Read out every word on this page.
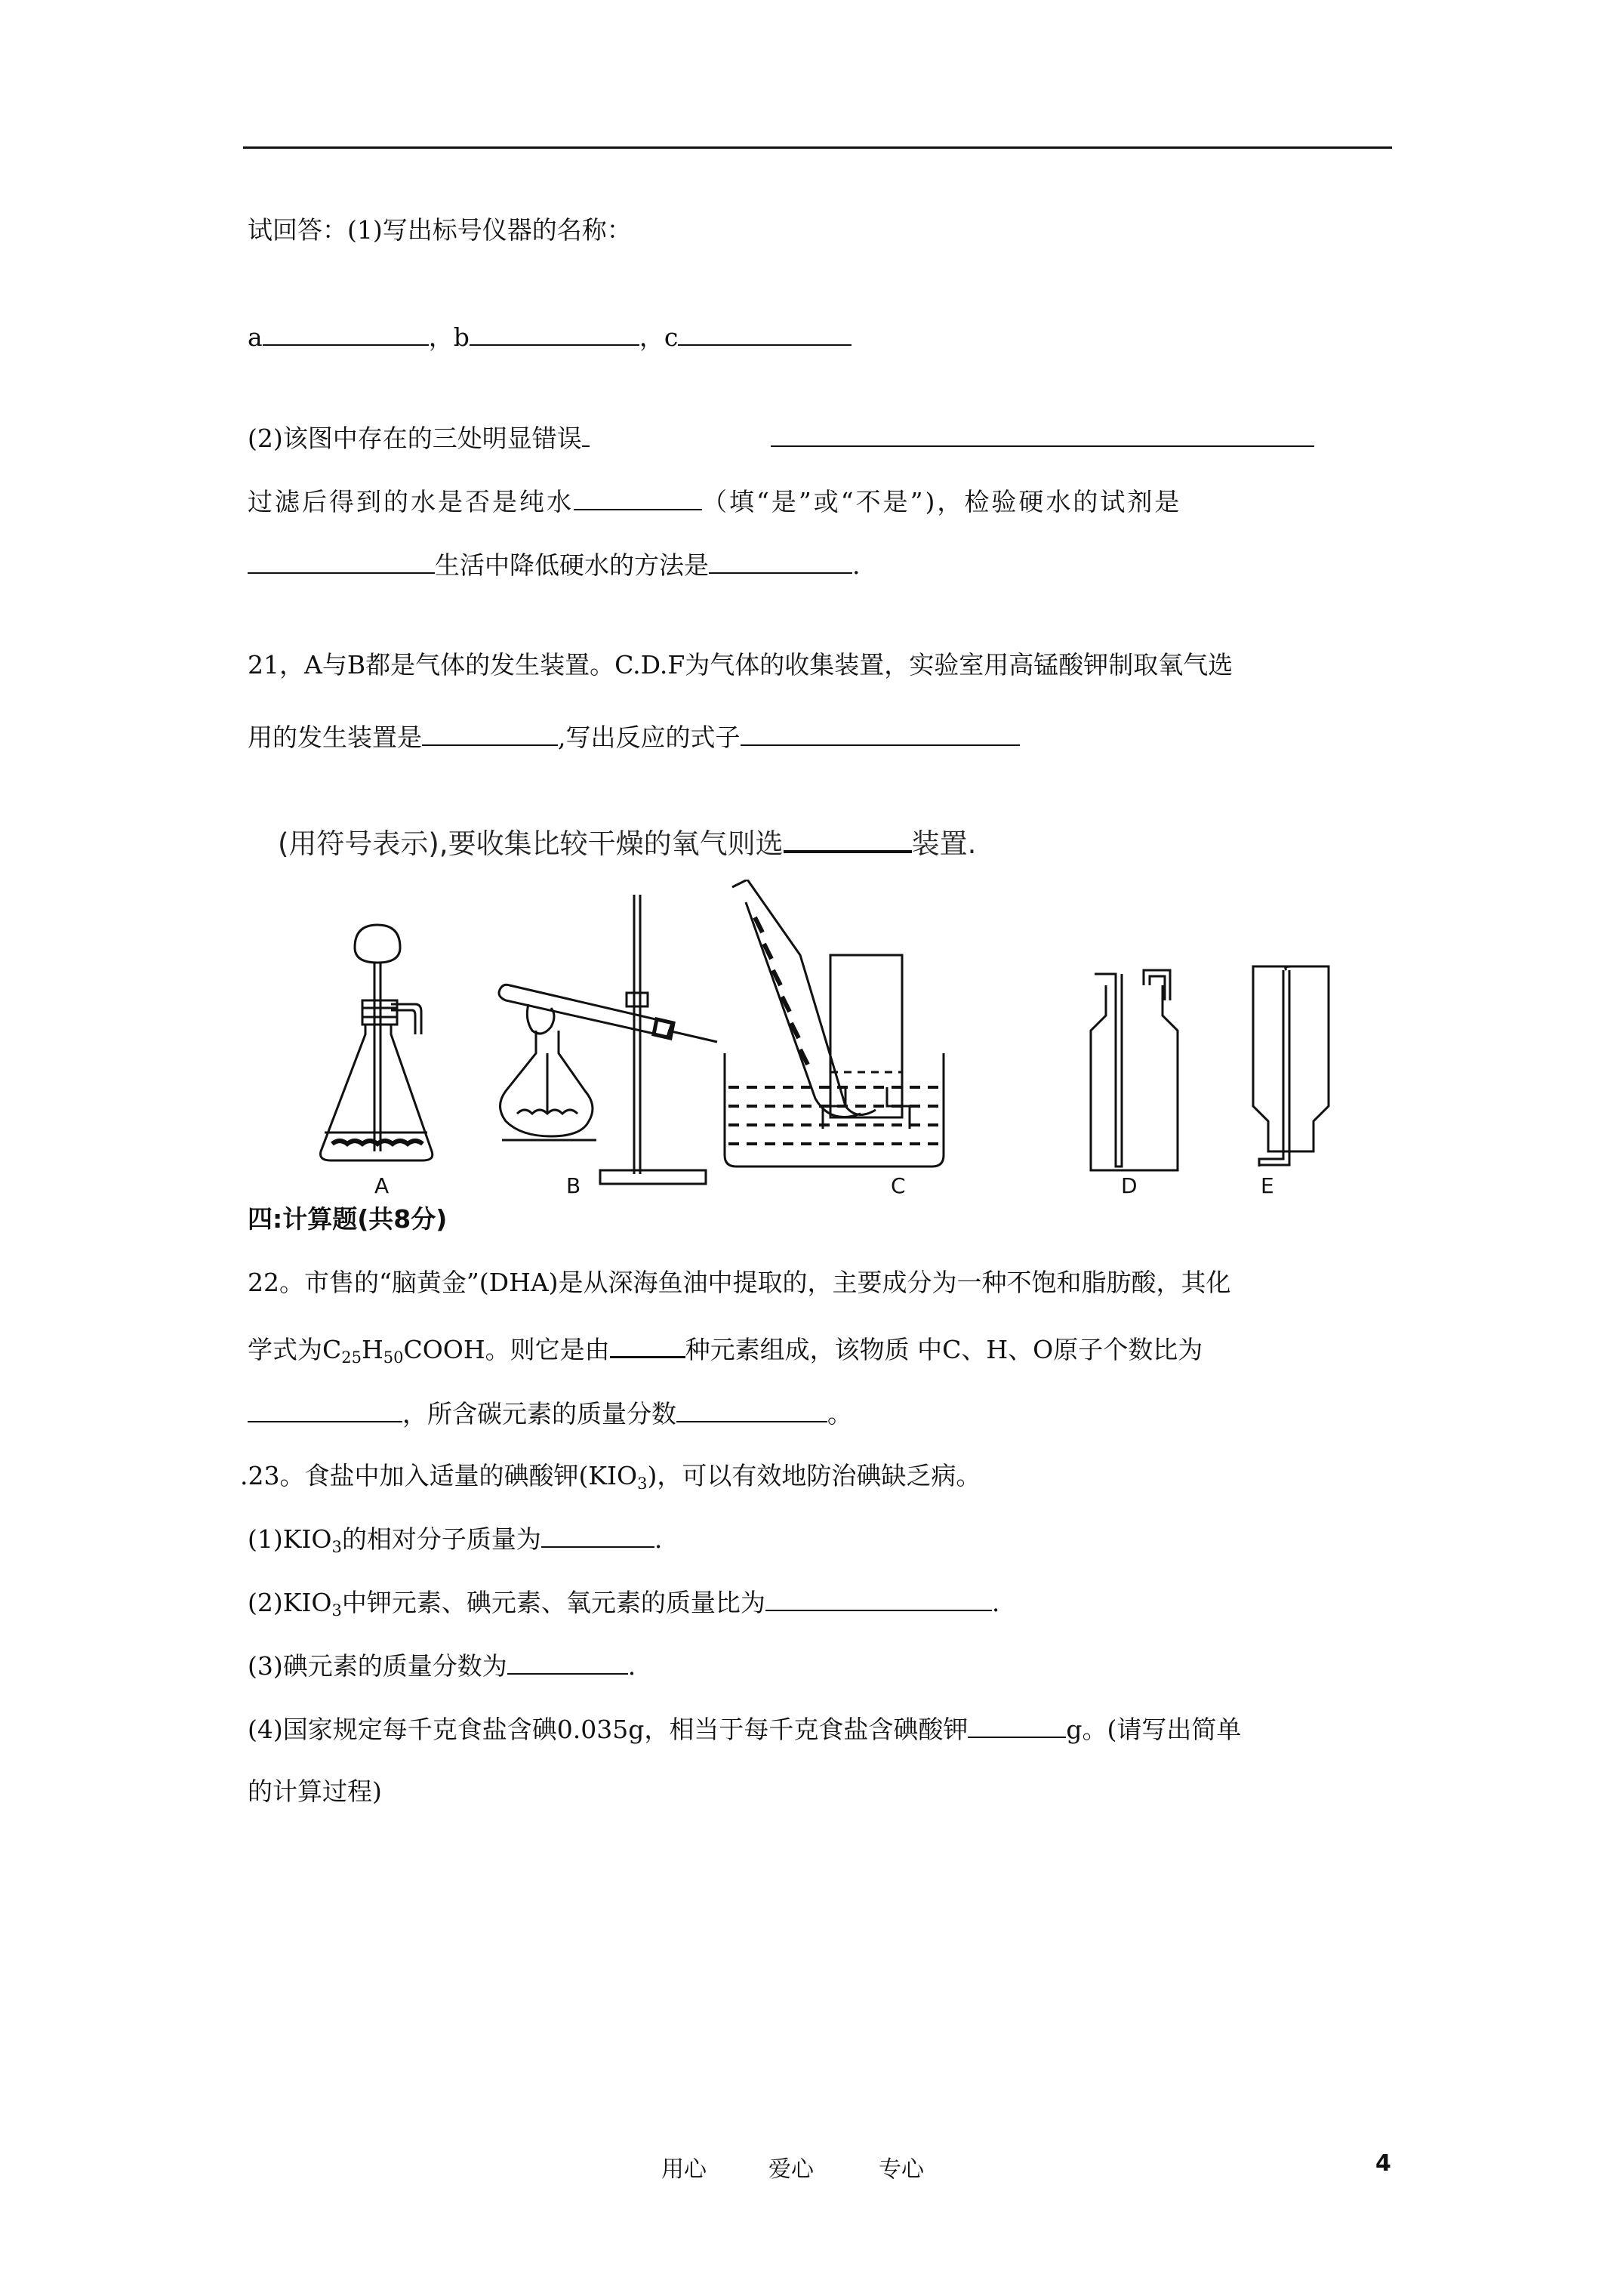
试回答：(1)写出标号仪器的名称：
a	，b	，c
(2)该图中存在的三处明显错误
过滤后得到的水是否是纯水	（填“是”或“不是”)，检验硬水的试剂是
生活中降低硬水的方法是	.
21，A与B都是气体的发生装置。C.D.F为气体的收集装置，实验室用高锰酸钾制取氧气选
用的发生装置是	,写出反应的式子
(用符号表示),要收集比较干燥的氧气则选	装置.
A	B	C	D	E
四:计算题(共8分)
22。市售的“脑黄金”(DHA)是从深海鱼油中提取的，主要成分为一种不饱和脂肪酸，其化
学式为$C_{25}H_{50}COOH$。则它是由	种元素组成，该物质 中C、H、O原子个数比为
，所含碳元素的质量分数	。
.23。食盐中加入适量的碘酸钾$(KIO_3)$，可以有效地防治碘缺乏病。
$(1)KIO_3$的相对分子质量为	.
$(2)KIO_3$中钾元素、碘元素、氧元素的质量比为	.
(3)碘元素的质量分数为	.
(4)国家规定每千克食盐含碘0.035g，相当于每千克食盐含碘酸钾	g。(请写出简单
的计算过程)
用心	爱心	专心	4
